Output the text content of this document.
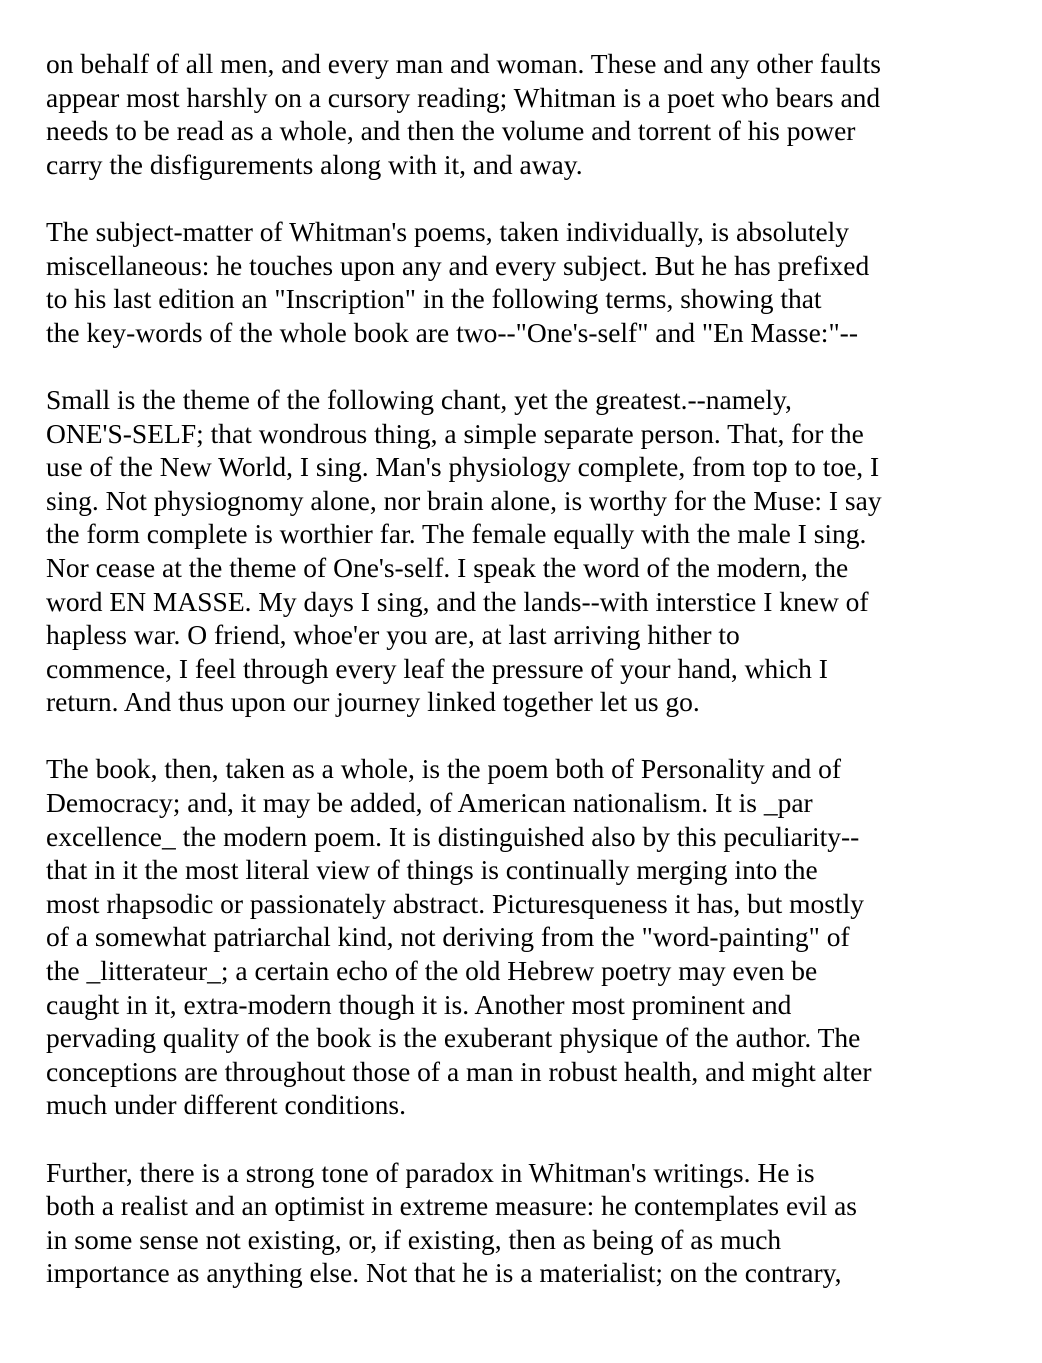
on behalf of all men, and every man and woman. These and any other faults
appear most harshly on a cursory reading; Whitman is a poet who bears and
needs to be read as a whole, and then the volume and torrent of his power
carry the disfigurements along with it, and away.
The subject-matter of Whitman's poems, taken individually, is absolutely
miscellaneous: he touches upon any and every subject. But he has prefixed
to his last edition an "Inscription" in the following terms, showing that
the key-words of the whole book are two--"One's-self" and "En Masse:"--
Small is the theme of the following chant, yet the greatest.--namely,
ONE'S-SELF; that wondrous thing, a simple separate person. That, for the
use of the New World, I sing. Man's physiology complete, from top to toe, I
sing. Not physiognomy alone, nor brain alone, is worthy for the Muse: I say
the form complete is worthier far. The female equally with the male I sing.
Nor cease at the theme of One's-self. I speak the word of the modern, the
word EN MASSE. My days I sing, and the lands--with interstice I knew of
hapless war. O friend, whoe'er you are, at last arriving hither to
commence, I feel through every leaf the pressure of your hand, which I
return. And thus upon our journey linked together let us go.
The book, then, taken as a whole, is the poem both of Personality and of
Democracy; and, it may be added, of American nationalism. It is _par
excellence_ the modern poem. It is distinguished also by this peculiarity--
that in it the most literal view of things is continually merging into the
most rhapsodic or passionately abstract. Picturesqueness it has, but mostly
of a somewhat patriarchal kind, not deriving from the "word-painting" of
the _litterateur_; a certain echo of the old Hebrew poetry may even be
caught in it, extra-modern though it is. Another most prominent and
pervading quality of the book is the exuberant physique of the author. The
conceptions are throughout those of a man in robust health, and might alter
much under different conditions.
Further, there is a strong tone of paradox in Whitman's writings. He is
both a realist and an optimist in extreme measure: he contemplates evil as
in some sense not existing, or, if existing, then as being of as much
importance as anything else. Not that he is a materialist; on the contrary,
